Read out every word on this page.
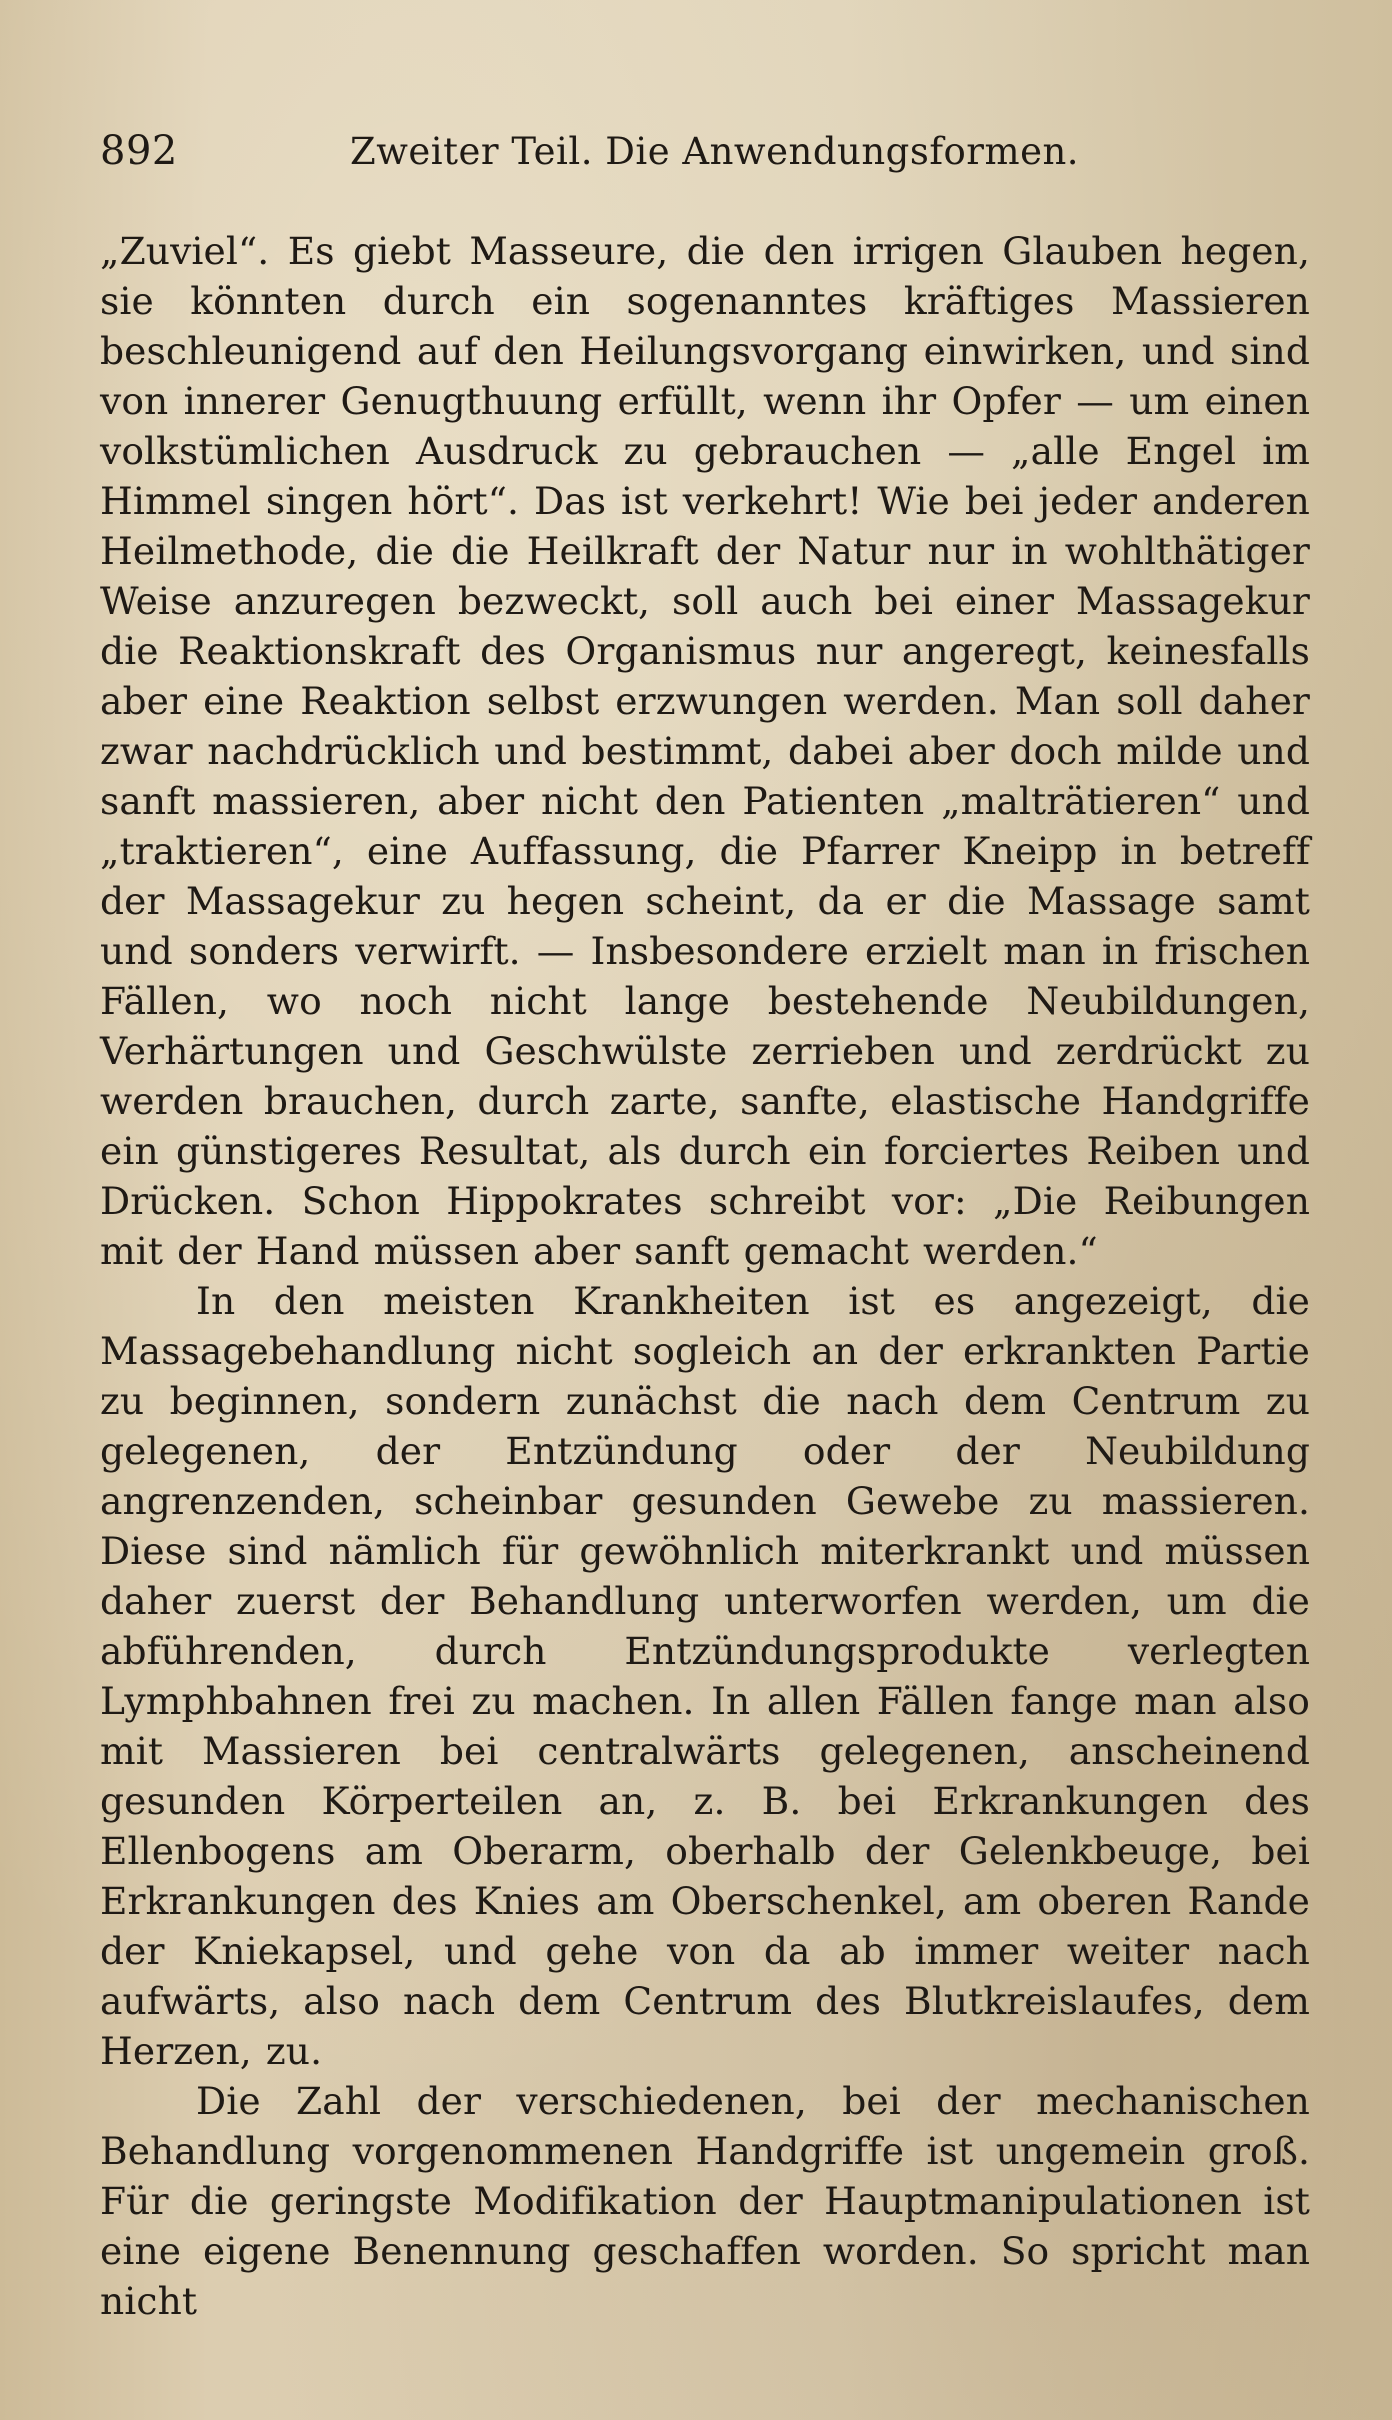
892	Zweiter Teil. Die Anwendungsformen.

„Zuviel“. Es giebt Masseure, die den irrigen Glauben hegen, sie könnten durch ein sogenanntes kräftiges Massieren beschleunigend auf den Heilungsvorgang einwirken, und sind von innerer Genugthuung erfüllt, wenn ihr Opfer — um einen volkstümlichen Ausdruck zu gebrauchen — „alle Engel im Himmel singen hört“. Das ist verkehrt! Wie bei jeder anderen Heilmethode, die die Heilkraft der Natur nur in wohlthätiger Weise anzuregen bezweckt, soll auch bei einer Massagekur die Reaktionskraft des Organismus nur angeregt, keinesfalls aber eine Reaktion selbst erzwungen werden. Man soll daher zwar nachdrücklich und bestimmt, dabei aber doch milde und sanft massieren, aber nicht den Patienten „malträtieren“ und „traktieren“, eine Auffassung, die Pfarrer Kneipp in betreff der Massagekur zu hegen scheint, da er die Massage samt und sonders verwirft. — Insbesondere erzielt man in frischen Fällen, wo noch nicht lange bestehende Neubildungen, Verhärtungen und Geschwülste zerrieben und zerdrückt zu werden brauchen, durch zarte, sanfte, elastische Handgriffe ein günstigeres Resultat, als durch ein forciertes Reiben und Drücken. Schon Hippokrates schreibt vor: „Die Reibungen mit der Hand müssen aber sanft gemacht werden.“

In den meisten Krankheiten ist es angezeigt, die Massagebehandlung nicht sogleich an der erkrankten Partie zu beginnen, sondern zunächst die nach dem Centrum zu gelegenen, der Entzündung oder der Neubildung angrenzenden, scheinbar gesunden Gewebe zu massieren. Diese sind nämlich für gewöhnlich miterkrankt und müssen daher zuerst der Behandlung unterworfen werden, um die abführenden, durch Entzündungsprodukte verlegten Lymphbahnen frei zu machen. In allen Fällen fange man also mit Massieren bei centralwärts gelegenen, anscheinend gesunden Körperteilen an, z. B. bei Erkrankungen des Ellenbogens am Oberarm, oberhalb der Gelenkbeuge, bei Erkrankungen des Knies am Oberschenkel, am oberen Rande der Kniekapsel, und gehe von da ab immer weiter nach aufwärts, also nach dem Centrum des Blutkreislaufes, dem Herzen, zu.

Die Zahl der verschiedenen, bei der mechanischen Behandlung vorgenommenen Handgriffe ist ungemein groß. Für die geringste Modifikation der Hauptmanipulationen ist eine eigene Benennung geschaffen worden. So spricht man nicht
